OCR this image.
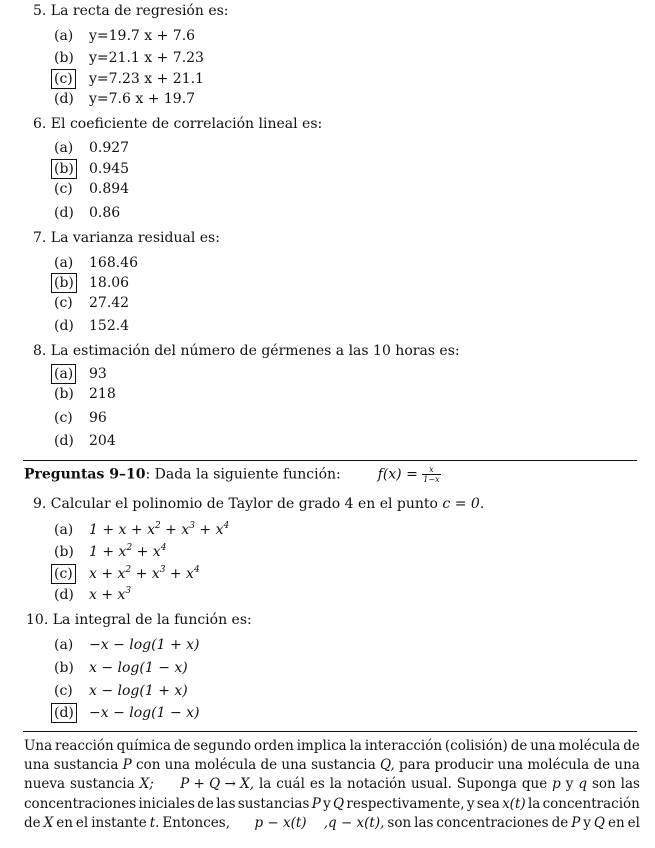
5. La recta de regresión es:
(a) y=19.7 x + 7.6
(b) y=21.1 x + 7.23
(c) y=7.23 x + 21.1
(d) y=7.6 x + 19.7
6. El coeficiente de correlación lineal es:
(a) 0.927
(b) 0.945
(c) 0.894
(d) 0.86
7. La varianza residual es:
(a) 168.46
(b) 18.06
(c) 27.42
(d) 152.4
8. La estimación del número de gérmenes a las 10 horas es:
(a) 93
(b) 218
(c) 96
(d) 204
Preguntas 9–10: Dada la siguiente función:	$f(x) = \frac{x}{1-x}$
9. Calcular el polinomio de Taylor de grado 4 en el punto c = 0.
(a) $1 + x + x^2 + x^3 + x^4$
(b) $1 + x^2 + x^4$
(c) $x + x^2 + x^3 + x^4$
(d) $x + x^3$
10. La integral de la función es:
(a) −x − log(1 + x)
(b) x − log(1 − x)
(c) x − log(1 + x)
(d) −x − log(1 − x)
Una reacción química de segundo orden implica la interacción (colisión) de una molécula de
una sustancia P con una molécula de una sustancia Q, para producir una molécula de una
nueva sustancia X; P + Q → X, la cuál es la notación usual. Suponga que p y q son las
concentraciones iniciales de las sustancias P y Q respectivamente, y sea x(t) la concentración
de X en el instante t. Entonces, p − x(t)    ,q − x(t), son las concentraciones de P y Q en el
